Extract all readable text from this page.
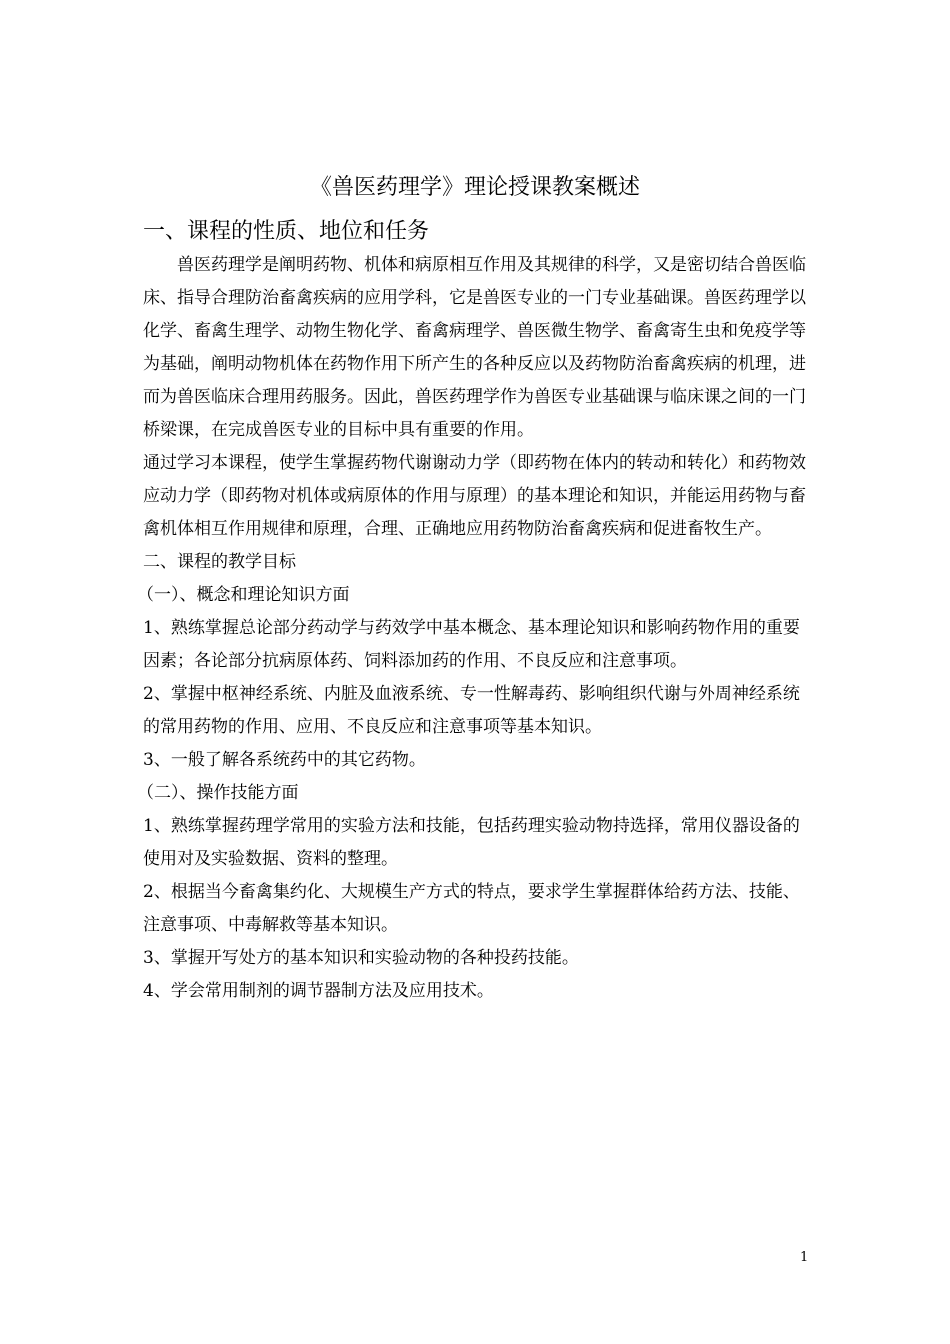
《兽医药理学》理论授课教案概述
一、课程的性质、地位和任务

兽医药理学是阐明药物、机体和病原相互作用及其规律的科学，又是密切结合兽医临床、指导合理防治畜禽疾病的应用学科，它是兽医专业的一门专业基础课。兽医药理学以化学、畜禽生理学、动物生物化学、畜禽病理学、兽医微生物学、畜禽寄生虫和免疫学等为基础，阐明动物机体在药物作用下所产生的各种反应以及药物防治畜禽疾病的机理，进而为兽医临床合理用药服务。因此，兽医药理学作为兽医专业基础课与临床课之间的一门桥梁课，在完成兽医专业的目标中具有重要的作用。

通过学习本课程，使学生掌握药物代谢谢动力学（即药物在体内的转动和转化）和药物效应动力学（即药物对机体或病原体的作用与原理）的基本理论和知识，并能运用药物与畜禽机体相互作用规律和原理，合理、正确地应用药物防治畜禽疾病和促进畜牧生产。

二、课程的教学目标

（一）、概念和理论知识方面

1、熟练掌握总论部分药动学与药效学中基本概念、基本理论知识和影响药物作用的重要因素；各论部分抗病原体药、饲料添加药的作用、不良反应和注意事项。

2、掌握中枢神经系统、内脏及血液系统、专一性解毒药、影响组织代谢与外周神经系统的常用药物的作用、应用、不良反应和注意事项等基本知识。

3、一般了解各系统药中的其它药物。

（二）、操作技能方面

1、熟练掌握药理学常用的实验方法和技能，包括药理实验动物持选择，常用仪器设备的使用对及实验数据、资料的整理。

2、根据当今畜禽集约化、大规模生产方式的特点，要求学生掌握群体给药方法、技能、注意事项、中毒解救等基本知识。

3、掌握开写处方的基本知识和实验动物的各种投药技能。

4、学会常用制剂的调节器制方法及应用技术。

1
